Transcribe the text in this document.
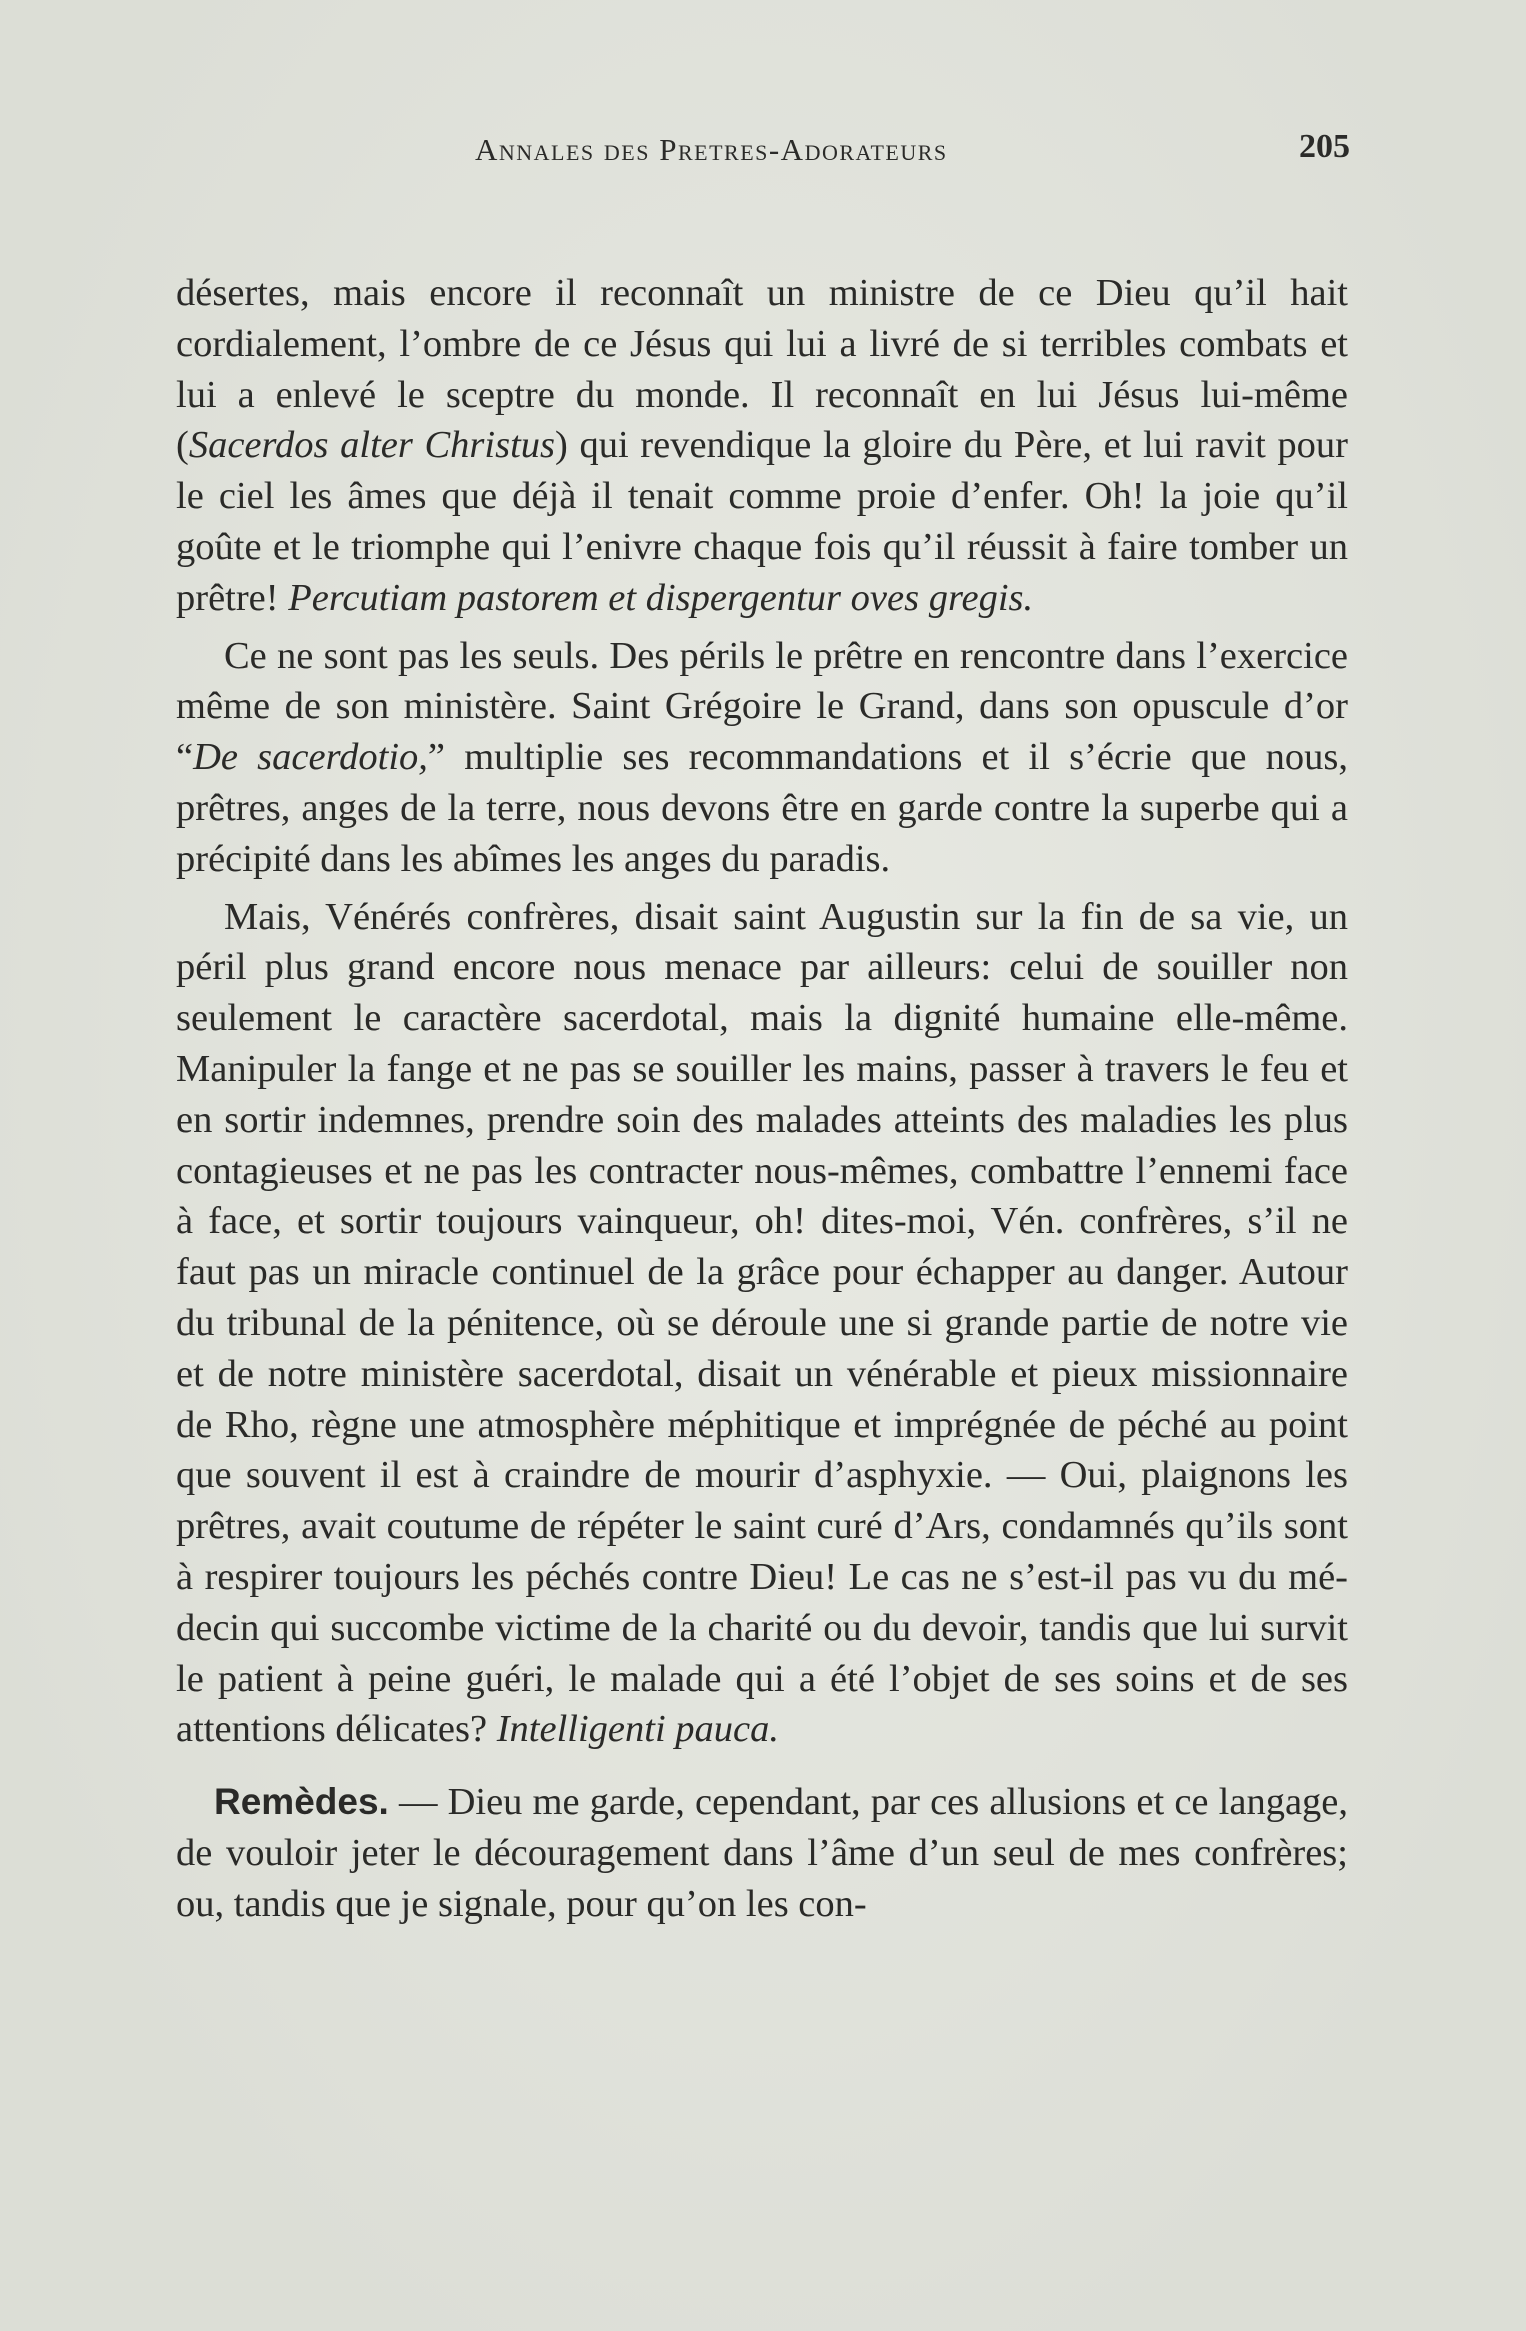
Annales des Pretres-Adorateurs	205

désertes, mais encore il reconnaît un ministre de ce Dieu qu’il hait cordialement, l’ombre de ce Jésus qui lui a livré de si terribles combats et lui a enlevé le sceptre du monde. Il reconnaît en lui Jésus lui-même (Sacerdos alter Christus) qui revendique la gloire du Père, et lui ravit pour le ciel les âmes que déjà il tenait comme proie d’enfer. Oh! la joie qu’il goûte et le triomphe qui l’enivre chaque fois qu’il réussit à faire tomber un prêtre! Percutiam pastorem et dispergentur oves gregis.

Ce ne sont pas les seuls. Des périls le prêtre en rencontre dans l’exercice même de son ministère. Saint Grégoire le Grand, dans son opuscule d’or “De sacerdotio,” multiplie ses recommandations et il s’écrie que nous, prêtres, anges de la terre, nous devons être en garde contre la superbe qui a précipité dans les abîmes les anges du paradis.

Mais, Vénérés confrères, disait saint Augustin sur la fin de sa vie, un péril plus grand encore nous menace par ailleurs: celui de souiller non seulement le caractère sacerdotal, mais la dignité humaine elle-même. Manipuler la fange et ne pas se souiller les mains, passer à travers le feu et en sortir indemnes, prendre soin des malades atteints des maladies les plus contagieuses et ne pas les contracter nous-mêmes, combattre l’ennemi face à face, et sortir toujours vainqueur, oh! dites-moi, Vén. confrères, s’il ne faut pas un miracle continuel de la grâce pour échapper au danger. Autour du tribunal de la pénitence, où se déroule une si grande partie de notre vie et de notre ministère sacerdotal, disait un vénérable et pieux missionnaire de Rho, règne une atmosphère méphitique et imprégnée de péché au point que souvent il est à craindre de mourir d’asphyxie. — Oui, plaignons les prêtres, avait coutume de répéter le saint curé d’Ars, condamnés qu’ils sont à respirer toujours les péchés contre Dieu! Le cas ne s’est-il pas vu du médecin qui succombe victime de la charité ou du devoir, tandis que lui survit le patient à peine guéri, le malade qui a été l’objet de ses soins et de ses attentions délicates? Intelligenti pauca.

Remèdes. — Dieu me garde, cependant, par ces allusions et ce langage, de vouloir jeter le découragement dans l’âme d’un seul de mes confrères; ou, tandis que je signale, pour qu’on les con-
